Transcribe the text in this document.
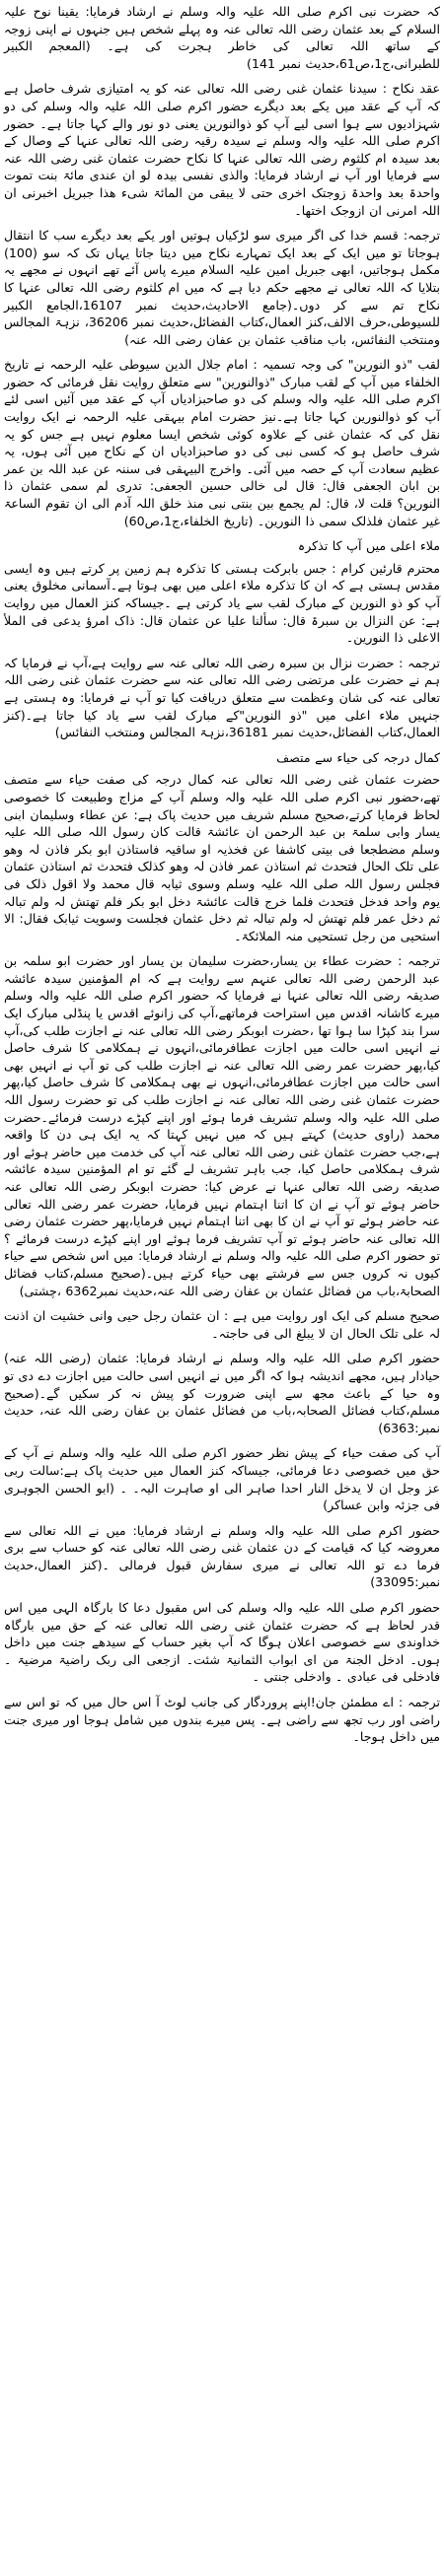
کہ حضرت نبی اکرم صلی اللہ علیہ والہ وسلم نے ارشاد فرمایا: یقینا نوح علیہ السلام کے بعد عثمان رضی اللہ تعالی عنہ وہ پہلے شخص ہیں جنہوں نے اپنی زوجہ کے ساتھ اللہ تعالی کی خاطر ہجرت کی ہے۔ (المعجم الکبیر للطبرانی،ج1،ص61،حدیث نمبر 141)

عقد نکاح : سیدنا عثمان غنی رضی اللہ تعالی عنہ کو یہ امتیازی شرف حاصل ہے کہ آپ کے عقد میں یکے بعد دیگرے حضور اکرم صلی اللہ علیہ والہ وسلم کی دو شہزادیوں سے ہوا اسی لیے آپ کو ذوالنورین یعنی دو نور والے کہا جاتا ہے۔ حضور اکرم صلی اللہ علیہ والہ وسلم نے سیدہ رقیہ رضی اللہ تعالی عنہا کے وصال کے بعد سیدہ ام کلثوم رضی اللہ تعالی عنہا کا نکاح حضرت عثمان غنی رضی اللہ عنہ سے فرمایا اور آپ نے ارشاد فرمایا: والذی نفسی بیدہ لو ان عندی مائۃ بنت تموت واحدۃ بعد واحدۃ زوجتک اخری حتی لا یبقی من المائۃ شیء ھذا جبریل اخبرنی ان اللہ امرنی ان ازوجک اختھا۔

ترجمہ: قسم خدا کی اگر میری سو لڑکیاں ہوتیں اور یکے بعد دیگرے سب کا انتقال ہوجاتا تو میں ایک کے بعد ایک تمہارے نکاح میں دیتا جاتا یہاں تک کہ سو (100) مکمل ہوجاتیں، ابھی جبریل امین علیہ السلام میرے پاس آئے تھے انہوں نے مجھے یہ بتلایا کہ اللہ تعالی نے مجھے حکم دیا ہے کہ میں ام کلثوم رضی اللہ تعالی عنہا کا نکاح تم سے کر دوں۔(جامع الاحادیث،حدیث نمبر 16107،الجامع الکبیر للسیوطی،حرف الالف،کنز العمال،کتاب الفضائل،حدیث نمبر 36206، نزہۃ المجالس ومنتخب النفائس، باب مناقب عثمان بن عفان رضی اللہ عنہ)

لقب "ذو النورین" کی وجہ تسمیہ : امام جلال الدین سیوطی علیہ الرحمہ نے تاریخ الخلفاء میں آپ کے لقب مبارک "ذوالنورین" سے متعلق روایت نقل فرمائی کہ حضور اکرم صلی اللہ علیہ والہ وسلم کی دو صاحبزادیاں آپ کے عقد میں آئیں اسی لئے آپ کو ذوالنورین کہا جاتا ہے۔نیز حضرت امام بیہقی علیہ الرحمہ نے ایک روایت نقل کی کہ عثمان غنی کے علاوہ کوئی شخص ایسا معلوم نہیں ہے جس کو یہ شرف حاصل ہو کہ کسی نبی کی دو صاحبزادیاں ان کے نکاح میں آئی ہوں، یہ عظیم سعادت آپ کے حصہ میں آئی۔ واخرج البیہقی فی سننہ عن عبد اللہ بن عمر بن ابان الجعفی قال: قال لی خالی حسین الجعفی: تدری لم سمی عثمان ذا النورین؟ قلت لا، قال: لم یجمع بین بنتی نبی منذ خلق اللہ آدم الی ان تقوم الساعۃ غیر عثمان فلذلک سمی ذا النورین۔ (تاریخ الخلفاء،ج1،ص60)

ملاء اعلی میں آپ کا تذکرہ

محترم قارئین کرام : جس بابرکت ہستی کا تذکرہ ہم زمین پر کرتے ہیں وہ ایسی مقدس ہستی ہے کہ ان کا تذکرہ ملاء اعلی میں بھی ہوتا ہے۔آسمانی مخلوق یعنی آپ کو ذو النورین کے مبارک لقب سے یاد کرتی ہے ۔جیساکہ کنز العمال میں روایت ہے: عن النزال بن سبرۃ قال: سألنا علیا عن عثمان قال: ذاک امرؤ یدعی فی الملأ الاعلی ذا النورین۔

ترجمہ : حضرت نزال بن سبرہ رضی اللہ تعالی عنہ سے روایت ہے،آپ نے فرمایا کہ ہم نے حضرت علی مرتضی رضی اللہ تعالی عنہ سے حضرت عثمان غنی رضی اللہ تعالی عنہ کی شان وعظمت سے متعلق دریافت کیا تو آپ نے فرمایا: وہ ہستی ہے جنہیں ملاء اعلی میں "ذو النورین"کے مبارک لقب سے یاد کیا جاتا ہے۔(کنز العمال،کتاب الفضائل،حدیث نمبر 36181،نزہۃ المجالس ومنتخب النفائس)

کمال درجہ کی حیاء سے متصف

حضرت عثمان غنی رضی اللہ تعالی عنہ کمال درجہ کی صفت حیاء سے متصف تھے،حضور نبی اکرم صلی اللہ علیہ والہ وسلم آپ کے مزاج وطبیعت کا خصوصی لحاظ فرمایا کرتے،صحیح مسلم شریف میں حدیث پاک ہے: عن عطاء وسلیمان ابنی یسار وابی سلمۃ بن عبد الرحمن ان عائشۃ قالت کان رسول اللہ صلی اللہ علیہ وسلم مضطجعا فی بیتی کاشفا عن فخذیہ او ساقیہ فاستاذن ابو بکر فاذن لہ وھو علی تلک الحال فتحدث ثم استاذن عمر فاذن لہ وھو کذلک فتحدث ثم استاذن عثمان فجلس رسول اللہ صلی اللہ علیہ وسلم وسوی ثیابہ قال محمد ولا اقول ذلک فی یوم واحد فدخل فتحدث فلما خرج قالت عائشۃ دخل ابو بکر فلم تھتش لہ ولم تبالہ ثم دخل عمر فلم تھتش لہ ولم تبالہ ثم دخل عثمان فجلست وسویت ثیابک فقال: الا استحیی من رجل تستحیی منہ الملائکۃ۔

ترجمہ : حضرت عطاء بن یسار،حضرت سلیمان بن یسار اور حضرت ابو سلمہ بن عبد الرحمن رضی اللہ تعالی عنہم سے روایت ہے کہ ام المؤمنین سیدہ عائشہ صدیقہ رضی اللہ تعالی عنہا نے فرمایا کہ حضور اکرم صلی اللہ علیہ والہ وسلم میرے کاشانہ اقدس میں استراحت فرماتھے،آپ کی زانوئے اقدس یا پنڈلی مبارک ایک سرا بند کپڑا سا ہوا تھا ،حضرت ابوبکر رضی اللہ تعالی عنہ نے اجازت طلب کی،آپ نے انہیں اسی حالت میں اجازت عطافرمائی،انہوں نے ہمکلامی کا شرف حاصل کیا،پھر حضرت عمر رضی اللہ تعالی عنہ نے اجازت طلب کی تو آپ نے انہیں بھی اسی حالت میں اجازت عطافرمائی،انہوں نے بھی ہمکلامی کا شرف حاصل کیا،پھر حضرت عثمان غنی رضی اللہ تعالی عنہ نے اجازت طلب کی تو حضرت رسول اللہ صلی اللہ علیہ والہ وسلم تشریف فرما ہوئے اور اپنے کپڑے درست فرمائے۔حضرت محمد (راوی حدیث) کہتے ہیں کہ میں نہیں کہتا کہ یہ ایک ہی دن کا واقعہ ہے،جب حضرت عثمان غنی رضی اللہ تعالی عنہ آپ کی خدمت میں حاضر ہوئے اور شرف ہمکلامی حاصل کیا، جب باہر تشریف لے گئے تو ام المؤمنین سیدہ عائشہ صدیقہ رضی اللہ تعالی عنہا نے عرض کیا: حضرت ابوبکر رضی اللہ تعالی عنہ حاضر ہوئے تو آپ نے ان کا اتنا اہتمام نہیں فرمایا، حضرت عمر رضی اللہ تعالی عنہ حاضر ہوئے تو آپ نے ان کا بھی اتنا اہتمام نہیں فرمایا،پھر حضرت عثمان رضی اللہ تعالی عنہ حاضر ہوئے تو آپ تشریف فرما ہوئے اور اپنے کپڑے درست فرمائے ؟ تو حضور اکرم صلی اللہ علیہ والہ وسلم نے ارشاد فرمایا: میں اس شخص سے حیاء کیوں نہ کروں جس سے فرشتے بھی حیاء کرتے ہیں۔(صحیح مسلم،کتاب فضائل الصحابۃ،باب من فضائل عثمان بن عفان رضی اللہ عنہ،حدیث نمبر6362 ،چشتی)

صحیح مسلم کی ایک اور روایت میں ہے : ان عثمان رجل حیی وانی خشیت ان اذنت لہ علی تلک الحال ان لا یبلغ الی فی حاجتہ۔

حضور اکرم صلی اللہ علیہ والہ وسلم نے ارشاد فرمایا: عثمان (رضی اللہ عنہ) حیادار ہیں، مجھے اندیشہ ہوا کہ اگر میں نے انہیں اسی حالت میں اجازت دے دی تو وہ حیا کے باعث مجھ سے اپنی ضرورت کو پیش نہ کر سکیں گے۔(صحیح مسلم،کتاب فضائل الصحابہ،باب من فضائل عثمان بن عفان رضی اللہ عنہ، حدیث نمبر:6363)

آپ کی صفت حیاء کے پیش نظر حضور اکرم صلی اللہ علیہ والہ وسلم نے آپ کے حق میں خصوصی دعا فرمائی، جیساکہ کنز العمال میں حدیث پاک ہے:سالت ربی عز وجل ان لا یدخل النار احدا صاہر الی او صاہرت الیہ۔ ۔ (ابو الحسن الجوہری فی جزئہ وابن عساکر)

حضور اکرم صلی اللہ علیہ والہ وسلم نے ارشاد فرمایا: میں نے اللہ تعالی سے معروضہ کیا کہ قیامت کے دن عثمان غنی رضی اللہ تعالی عنہ کو حساب سے بری فرما دے تو اللہ تعالی نے میری سفارش قبول فرمالی ۔(کنز العمال،حدیث نمبر:33095)

حضور اکرم صلی اللہ علیہ والہ وسلم کی اس مقبول دعا کا بارگاہ الہی میں اس قدر لحاظ ہے کہ حضرت عثمان غنی رضی اللہ تعالی عنہ کے حق میں بارگاہ خداوندی سے خصوصی اعلان ہوگا کہ آپ بغیر حساب کے سیدھے جنت میں داخل ہوں۔ ادخل الجنۃ من ای ابواب الثمانیۃ شئت۔ ازجعی الی ربک راضیۃ مرضیۃ ۔ فادخلی فی عبادی ۔ وادخلی جنتی ۔

ترجمہ : اے مطمئن جان!اپنے پروردگار کی جانب لوٹ آ اس حال میں کہ تو اس سے راضی اور رب تجھ سے راضی ہے۔ پس میرے بندوں میں شامل ہوجا اور میری جنت میں داخل ہوجا۔
